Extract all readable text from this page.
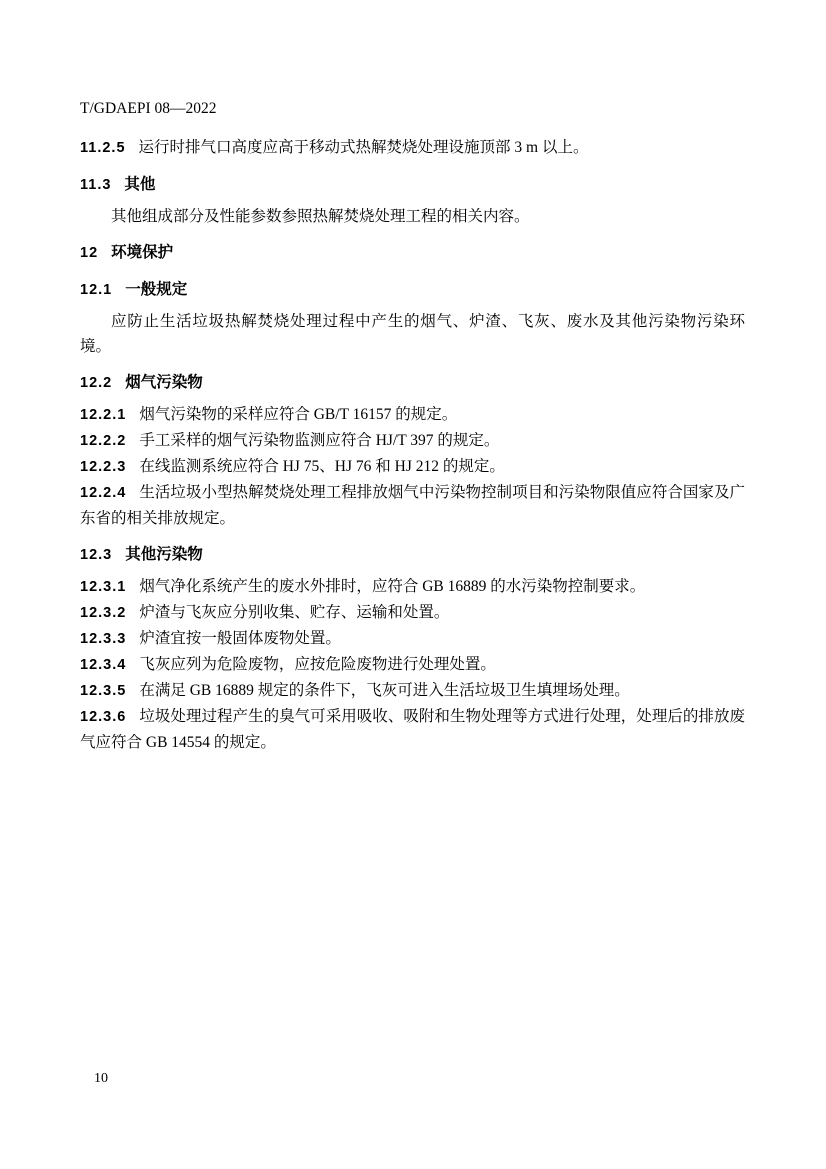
T/GDAEPI 08—2022

11.2.5 运行时排气口高度应高于移动式热解焚烧处理设施顶部 3 m 以上。

11.3 其他

其他组成部分及性能参数参照热解焚烧处理工程的相关内容。

12 环境保护
12.1 一般规定

应防止生活垃圾热解焚烧处理过程中产生的烟气、炉渣、飞灰、废水及其他污染物污染环境。

12.2 烟气污染物

12.2.1 烟气污染物的采样应符合 GB/T 16157 的规定。

12.2.2 手工采样的烟气污染物监测应符合 HJ/T 397 的规定。

12.2.3 在线监测系统应符合 HJ 75、HJ 76 和 HJ 212 的规定。

12.2.4 生活垃圾小型热解焚烧处理工程排放烟气中污染物控制项目和污染物限值应符合国家及广东省的相关排放规定。

12.3 其他污染物

12.3.1 烟气净化系统产生的废水外排时，应符合 GB 16889 的水污染物控制要求。

12.3.2 炉渣与飞灰应分别收集、贮存、运输和处置。

12.3.3 炉渣宜按一般固体废物处置。

12.3.4 飞灰应列为危险废物，应按危险废物进行处理处置。

12.3.5 在满足 GB 16889 规定的条件下，飞灰可进入生活垃圾卫生填埋场处理。

12.3.6 垃圾处理过程产生的臭气可采用吸收、吸附和生物处理等方式进行处理，处理后的排放废气应符合 GB 14554 的规定。

10
